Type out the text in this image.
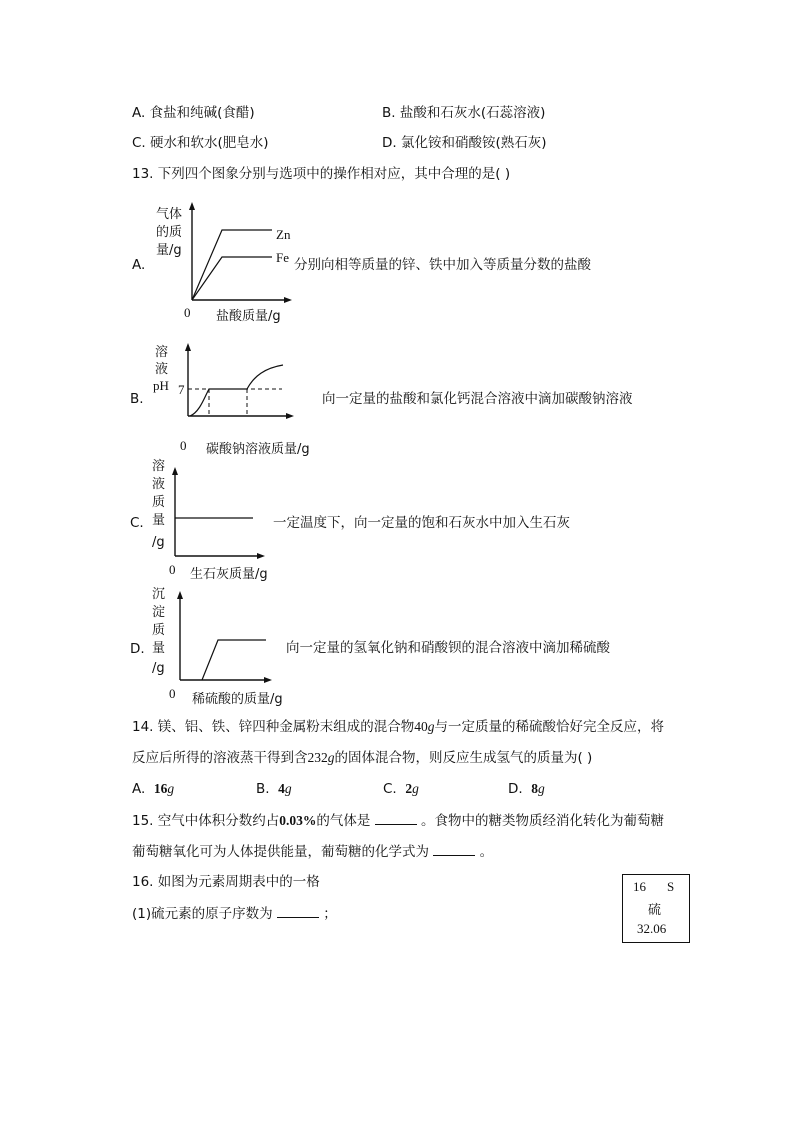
A. 食盐和纯碱(食醋)	B. 盐酸和石灰水(石蕊溶液)
C. 硬水和软水(肥皂水)	D. 氯化铵和硝酸铵(熟石灰)
13. 下列四个图象分别与选项中的操作相对应，其中合理的是( )
A.
气体
的质
量/g
0 盐酸质量/g
Zn
Fe 分别向相等质量的锌、铁中加入等质量分数的盐酸
B.
溶
液
pH 7
0 碳酸钠溶液质量/g
向一定量的盐酸和氯化钙混合溶液中滴加碳酸钠溶液
C.
溶
液
质
量
/g
0 生石灰质量/g
一定温度下，向一定量的饱和石灰水中加入生石灰
D.
沉
淀
质
量
/g
0 稀硫酸的质量/g
向一定量的氢氧化钠和硝酸钡的混合溶液中滴加稀硫酸
14. 镁、铝、铁、锌四种金属粉末组成的混合物40g与一定质量的稀硫酸恰好完全反应，将
反应后所得的溶液蒸干得到含232g的固体混合物，则反应生成氢气的质量为( )
A. 16g	B. 4g	C. 2g	D. 8g
15. 空气中体积分数约占0.03%的气体是	。食物中的糖类物质经消化转化为葡萄糖
葡萄糖氧化可为人体提供能量，葡萄糖的化学式为	。
16. 如图为元素周期表中的一格
(1)硫元素的原子序数为	；
16 S
硫
32.06
